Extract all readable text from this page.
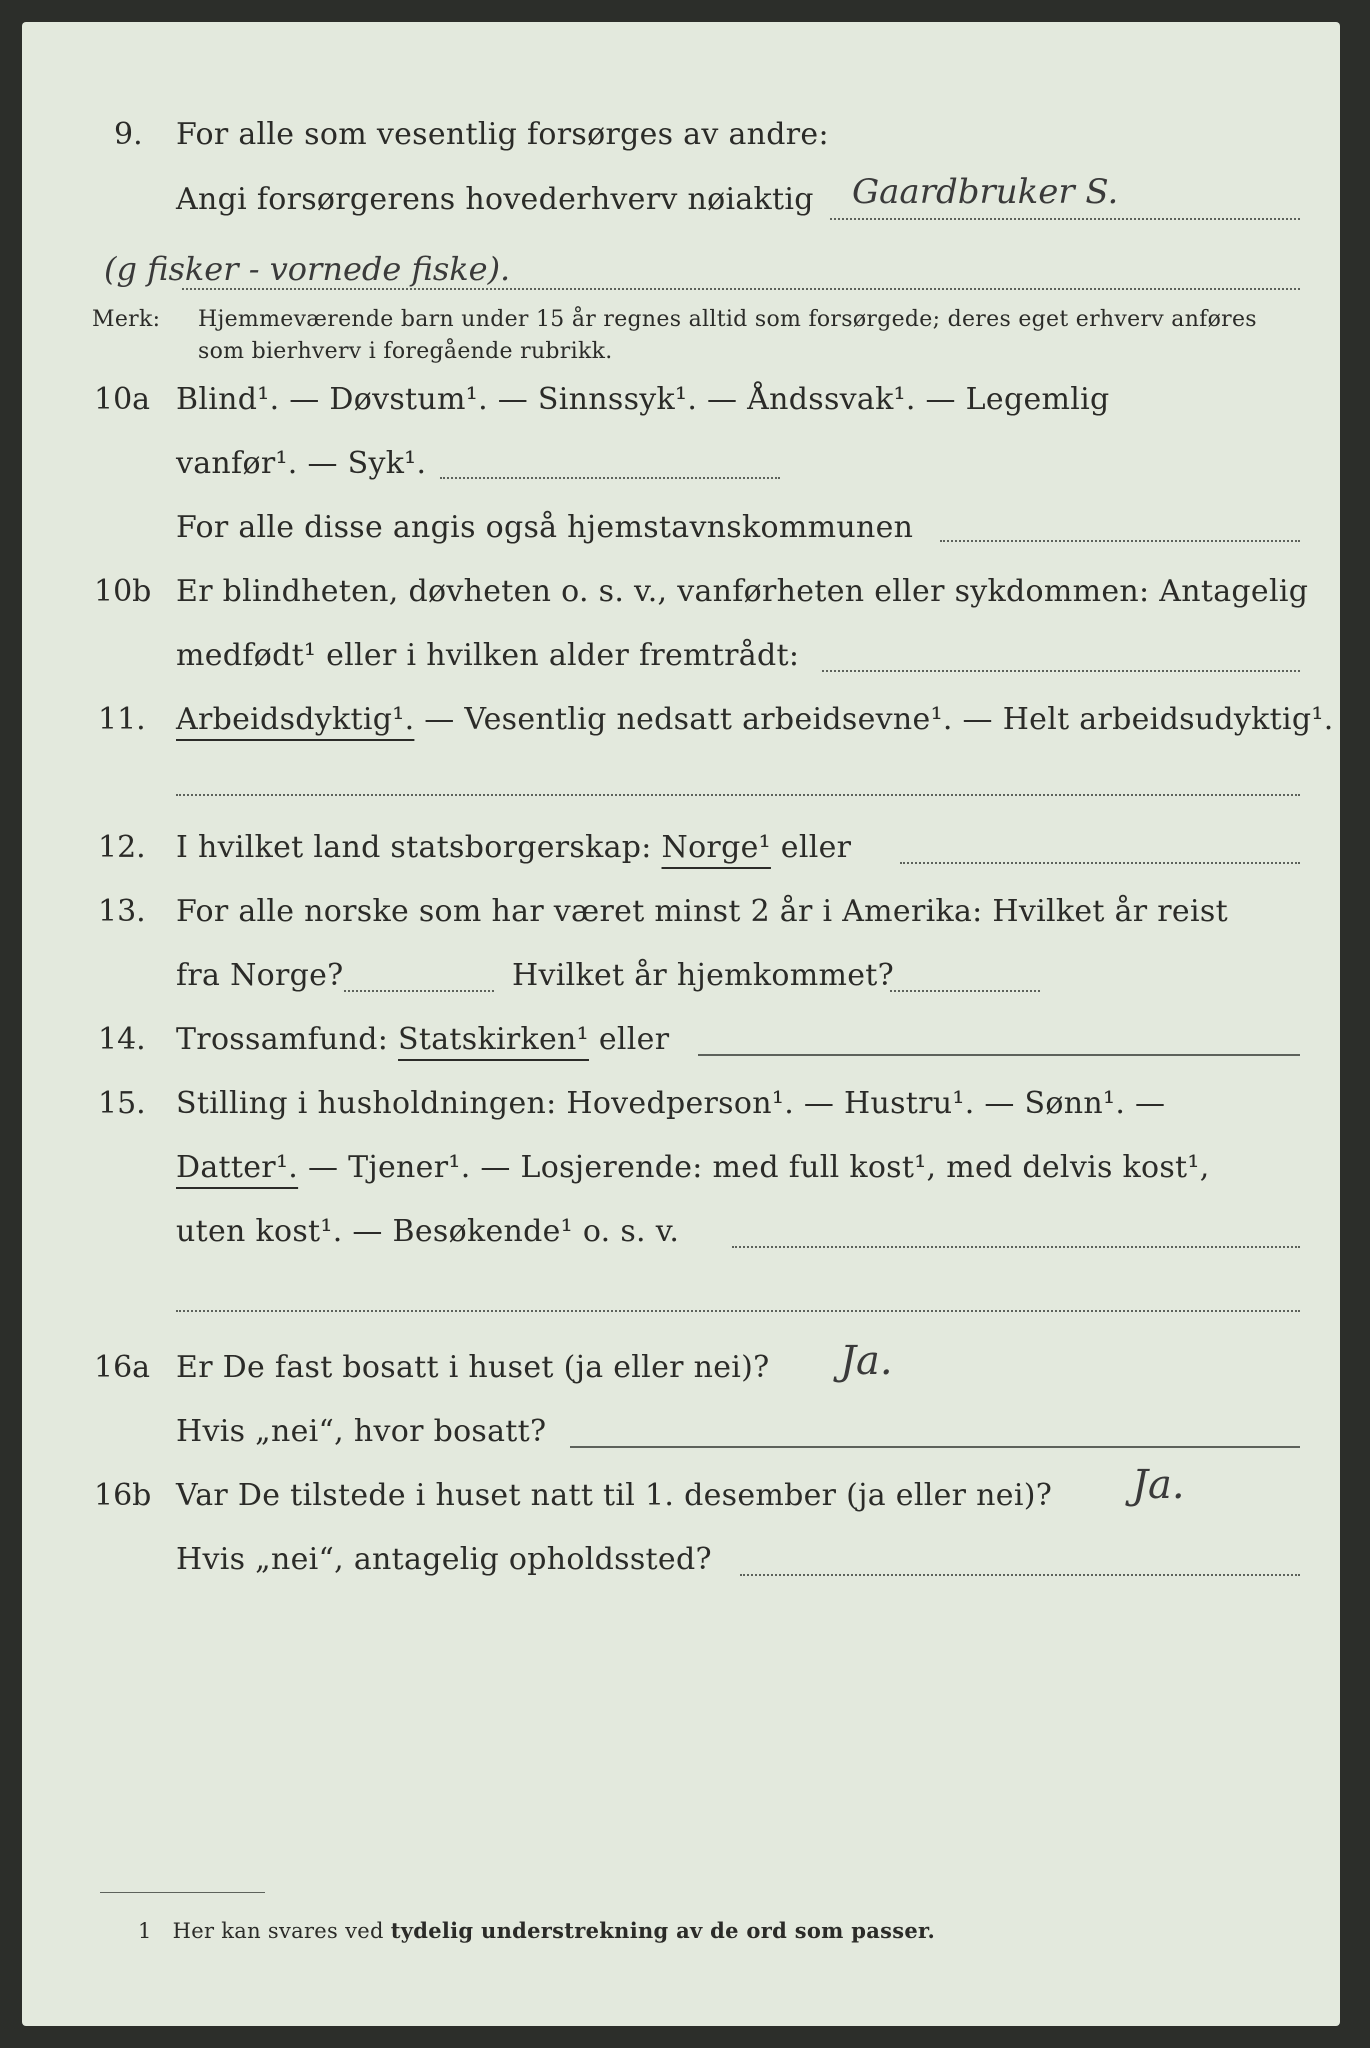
9. For alle som vesentlig forsørges av andre:
Angi forsørgerens hovederhverv nøiaktig Gaardbruker S.
(g fisker - vornede fiske).
Merk:	Hjemmeværende barn under 15 år regnes alltid som forsørgede; deres eget erhverv anføres som bierhverv i foregående rubrikk.
10a Blind¹. — Døvstum¹. — Sinnssyk¹. — Åndssvak¹. — Legemlig
vanfør¹. — Syk¹.
For alle disse angis også hjemstavnskommunen
10b Er blindheten, døvheten o. s. v., vanførheten eller sykdommen: Antagelig
medfødt¹ eller i hvilken alder fremtrådt:
11. Arbeidsdyktig¹. — Vesentlig nedsatt arbeidsevne¹. — Helt arbeidsudyktig¹.
12. I hvilket land statsborgerskap: Norge¹ eller
13. For alle norske som har været minst 2 år i Amerika: Hvilket år reist
fra Norge?	Hvilket år hjemkommet?
14. Trossamfund: Statskirken¹ eller
15. Stilling i husholdningen: Hovedperson¹. — Hustru¹. — Sønn¹. —
Datter¹. — Tjener¹. — Losjerende: med full kost¹, med delvis kost¹,
uten kost¹. — Besøkende¹ o. s. v.
16a Er De fast bosatt i huset (ja eller nei)? Ja.
Hvis „nei“, hvor bosatt?
16b Var De tilstede i huset natt til 1. desember (ja eller nei)? Ja.
Hvis „nei“, antagelig opholdssted?
1 Her kan svares ved tydelig understrekning av de ord som passer.
